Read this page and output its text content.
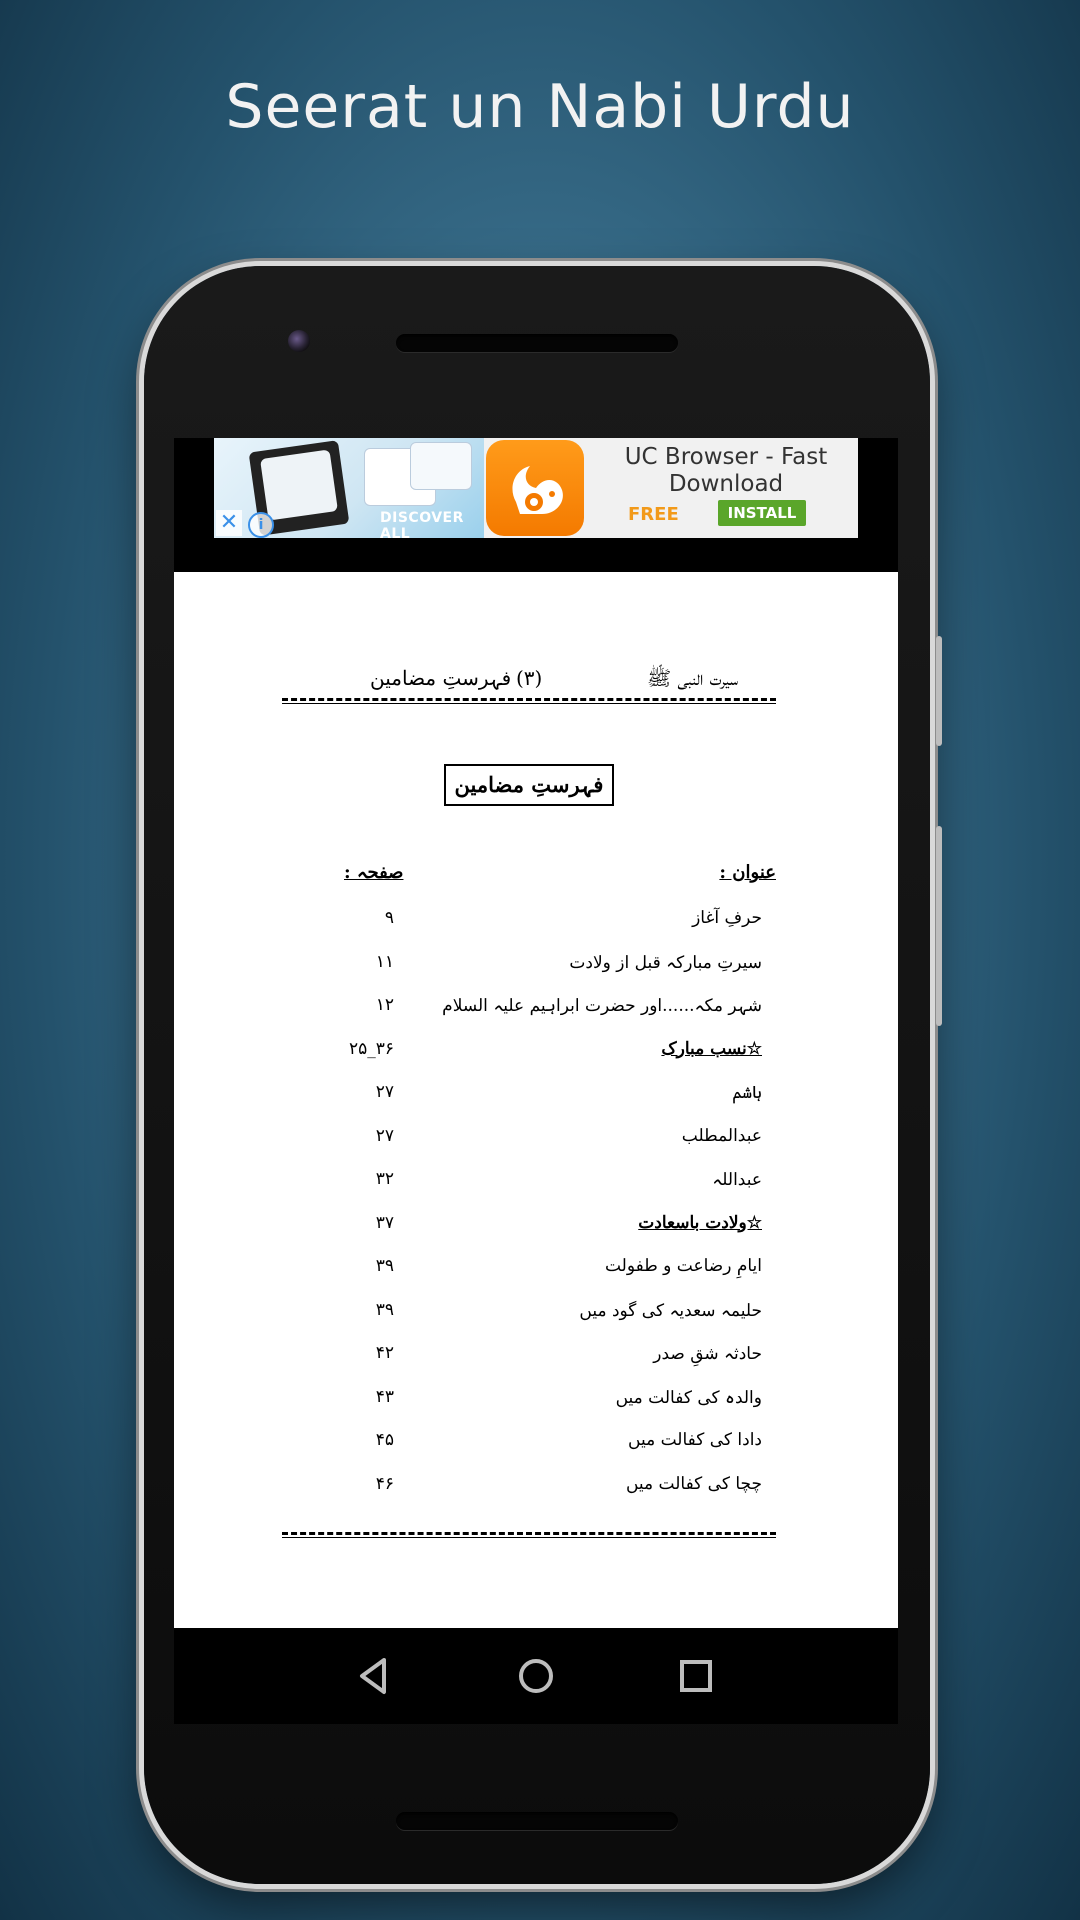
Seerat un Nabi Urdu
DISCOVER ALL
✕	i
UC Browser - Fast Download
FREE	INSTALL
سیرت النبی ﷺ
(۳)
فہرستِ مضامین
فہرستِ مضامین
عنوان :
صفحہ :
حرفِ آغاز
۹
سیرتِ مبارکہ قبل از ولادت
۱۱
شہر مکہ......اور حضرت ابراہیم علیہ السلام
۱۲
☆نسب مبارک
۳۶_۲۵
ہاشم
۲۷
عبدالمطلب
۲۷
عبداللہ
۳۲
☆ولادت باسعادت
۳۷
ایامِ رضاعت و طفولت
۳۹
حلیمہ سعدیہ کی گود میں
۳۹
حادثہ شقِ صدر
۴۲
والدہ کی کفالت میں
۴۳
دادا کی کفالت میں
۴۵
چچا کی کفالت میں
۴۶
